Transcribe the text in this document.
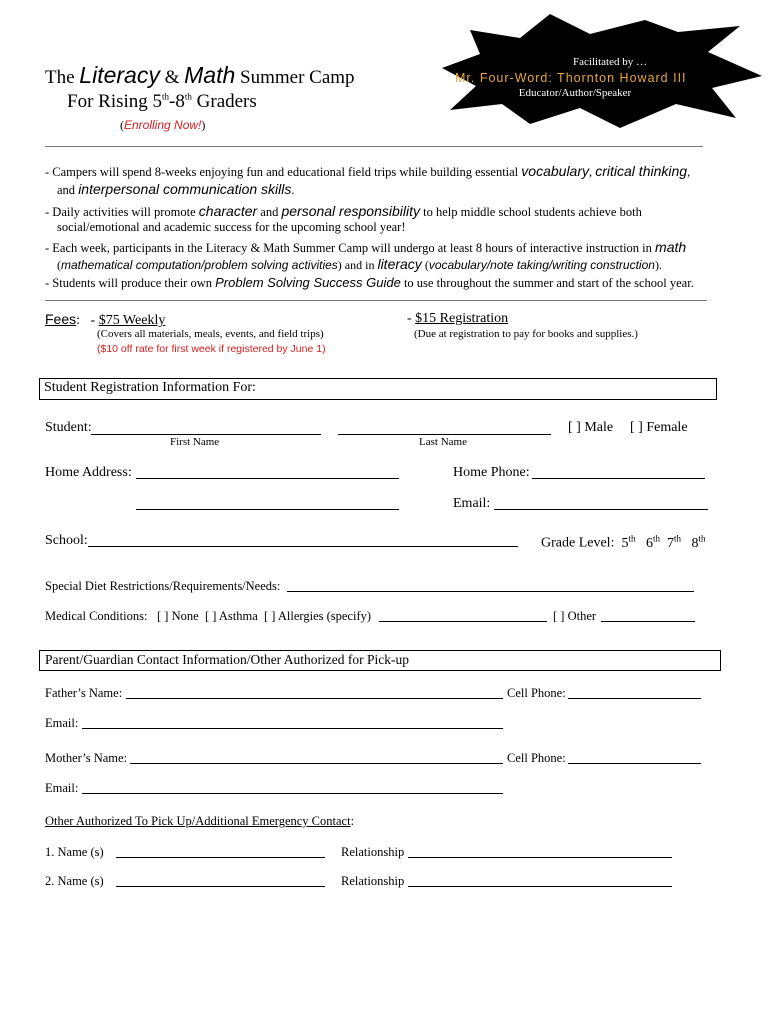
Facilitated by …
Mr. Four-Word: Thornton Howard III
Educator/Author/Speaker
The Literacy & Math Summer Camp
For Rising 5th-8th Graders
(Enrolling Now!)
- Campers will spend 8-weeks enjoying fun and educational field trips while building essential vocabulary, critical thinking,
and interpersonal communication skills.
- Daily activities will promote character and personal responsibility to help middle school students achieve both
social/emotional and academic success for the upcoming school year!
- Each week, participants in the Literacy & Math Summer Camp will undergo at least 8 hours of interactive instruction in math
(mathematical computation/problem solving activities) and in literacy (vocabulary/note taking/writing construction).
- Students will produce their own Problem Solving Success Guide to use throughout the summer and start of the school year.
Fees: - $75 Weekly
(Covers all materials, meals, events, and field trips)
($10 off rate for first week if registered by June 1)
- $15 Registration
(Due at registration to pay for books and supplies.)
Student Registration Information For:
Student:
First Name	Last Name
[ ] Male [ ] Female
Home Address:	Home Phone:
Email:
School:	Grade Level: 5th 6th 7th 8th
Special Diet Restrictions/Requirements/Needs:
Medical Conditions: [ ] None [ ] Asthma [ ] Allergies (specify)	[ ] Other
Parent/Guardian Contact Information/Other Authorized for Pick-up
Father’s Name:	Cell Phone:
Email:
Mother’s Name:	Cell Phone:
Email:
Other Authorized To Pick Up/Additional Emergency Contact:
1. Name (s)	Relationship
2. Name (s)	Relationship
